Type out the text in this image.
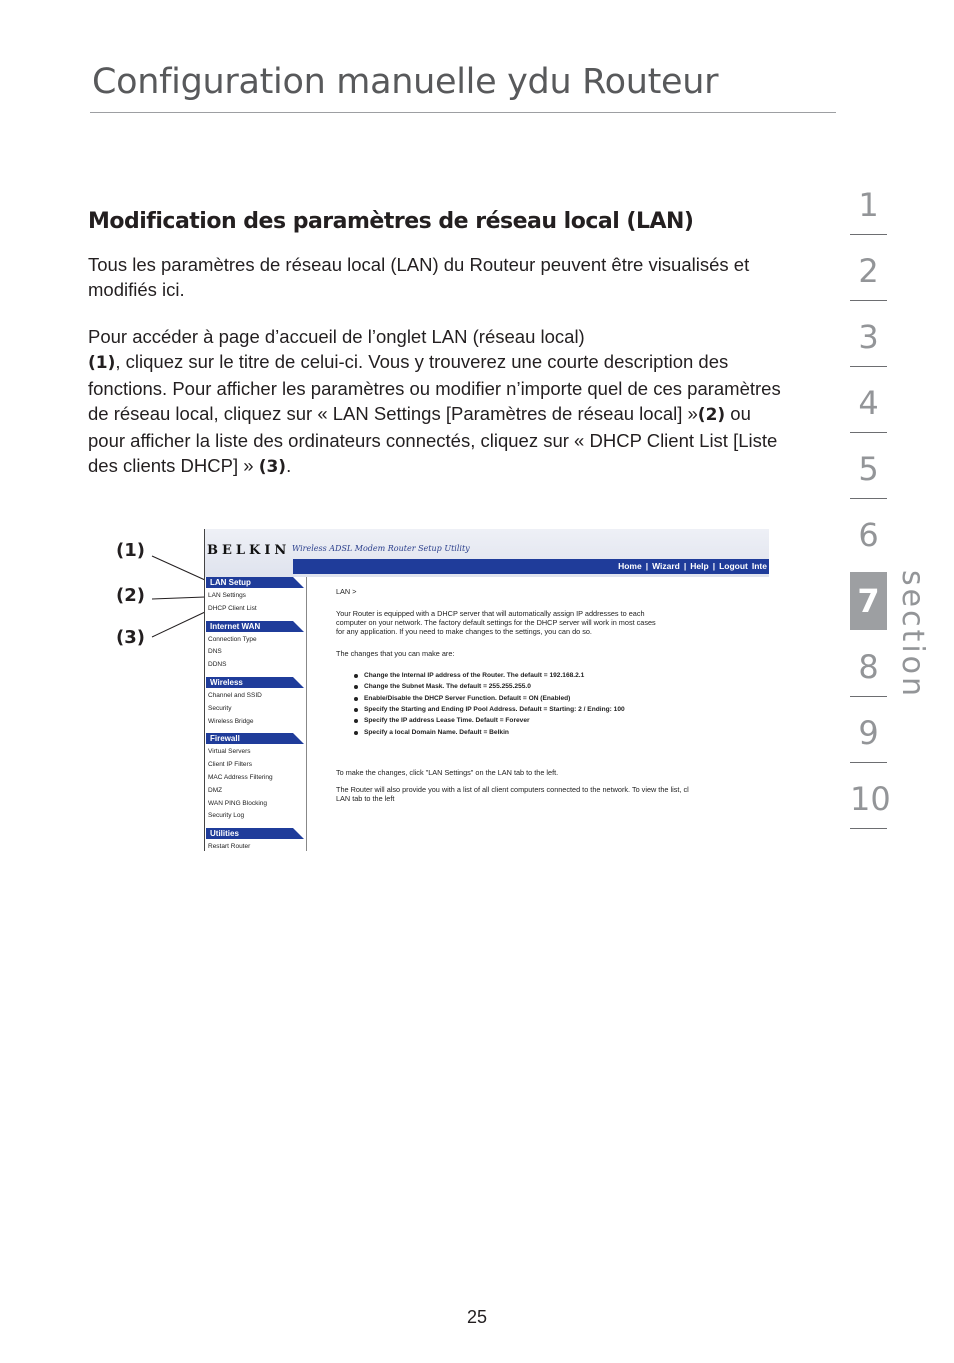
Configuration manuelle ydu Routeur
Modification des paramètres de réseau local (LAN)

Tous les paramètres de réseau local (LAN) du Routeur peuvent être visualisés et modifiés ici.

Pour accéder à page d’accueil de l’onglet LAN (réseau local)
(1), cliquez sur le titre de celui-ci. Vous y trouverez une courte description des fonctions. Pour afficher les paramètres ou modifier n’importe quel de ces paramètres de réseau local, cliquez sur « LAN Settings [Paramètres de réseau local] »(2) ou pour afficher la liste des ordinateurs connectés, cliquez sur « DHCP Client List [Liste des clients DHCP] » (3).

1
2
3
4
5
6
7
8
9
10
section
(1)
(2)
(3)
BELKIN Wireless ADSL Modem Router Setup Utility
Home | Wizard | Help | Logout Inte
LAN Setup
LAN Settings
DHCP Client List
Internet WAN
Connection Type
DNS
DDNS
Wireless
Channel and SSID
Security
Wireless Bridge
Firewall
Virtual Servers
Client IP Filters
MAC Address Filtering
DMZ
WAN PING Blocking
Security Log
Utilities
Restart Router
LAN >
Your Router is equipped with a DHCP server that will automatically assign IP addresses to each
computer on your network. The factory default settings for the DHCP server will work in most cases
for any application. If you need to make changes to the settings, you can do so.
The changes that you can make are:
Change the Internal IP address of the Router. The default = 192.168.2.1
Change the Subnet Mask. The default = 255.255.255.0
Enable/Disable the DHCP Server Function. Default = ON (Enabled)
Specify the Starting and Ending IP Pool Address. Default = Starting: 2 / Ending: 100
Specify the IP address Lease Time. Default = Forever
Specify a local Domain Name. Default = Belkin
To make the changes, click "LAN Settings" on the LAN tab to the left.
The Router will also provide you with a list of all client computers connected to the network. To view the list, cl
LAN tab to the left
25
